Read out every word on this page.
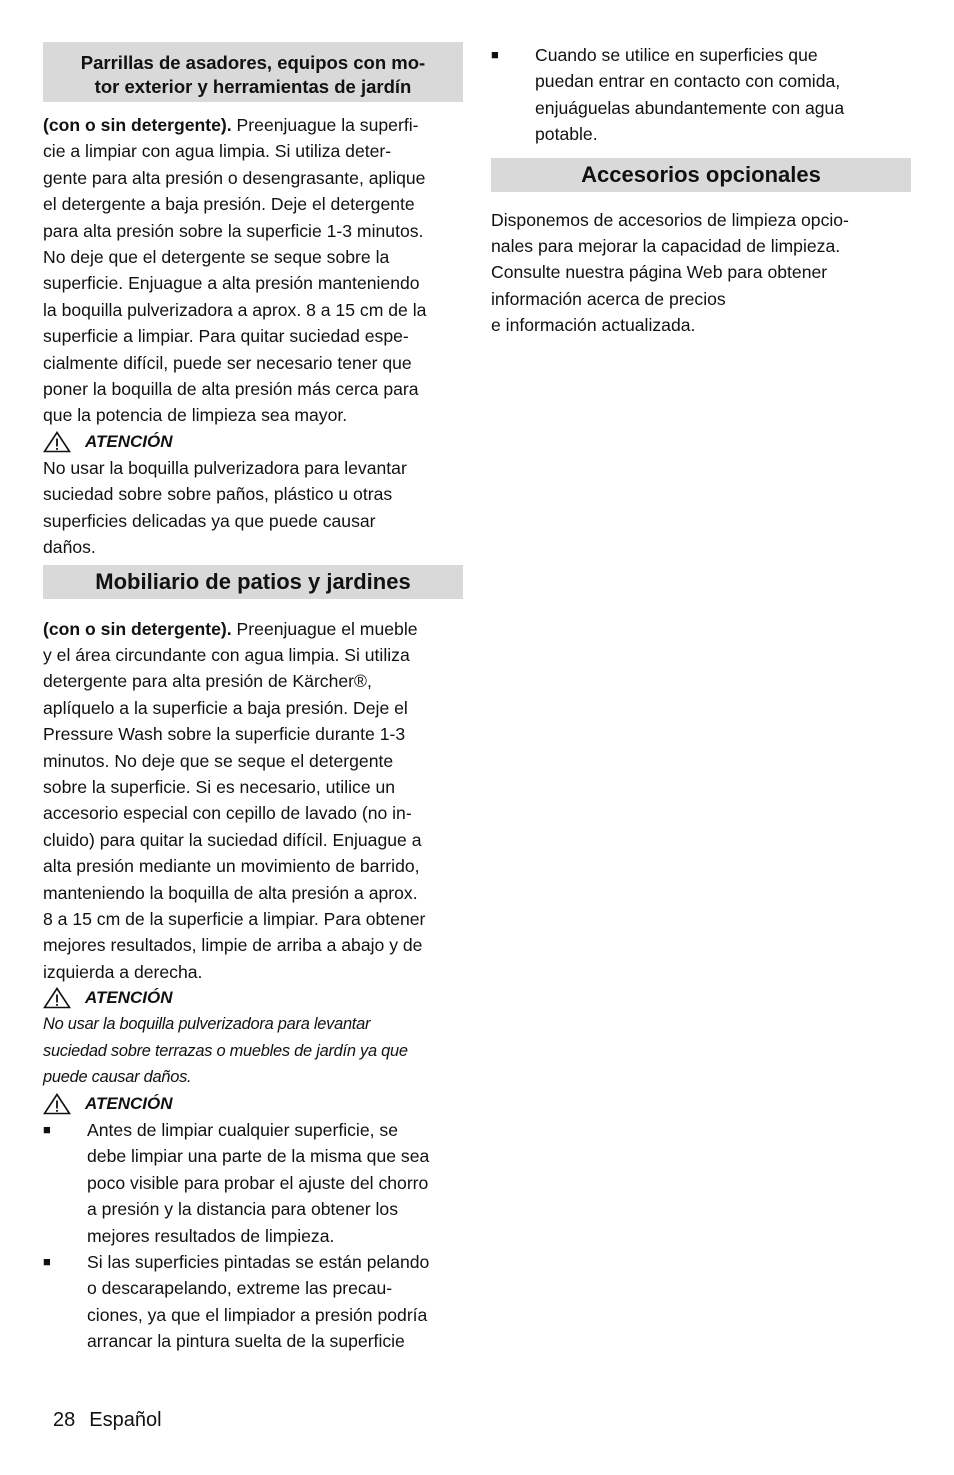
Parrillas de asadores, equipos con mo-
tor exterior y herramientas de jardín
(con o sin detergente). Preenjuague la superfi-
cie a limpiar con agua limpia. Si utiliza deter-
gente para alta presión o desengrasante, aplique
el detergente a baja presión. Deje el detergente
para alta presión sobre la superficie 1-3 minutos.
No deje que el detergente se seque sobre la
superficie. Enjuague a alta presión manteniendo
la boquilla pulverizadora a aprox. 8 a 15 cm de la
superficie a limpiar. Para quitar suciedad espe-
cialmente difícil, puede ser necesario tener que
poner la boquilla de alta presión más cerca para
que la potencia de limpieza sea mayor.
ATENCIÓN
No usar la boquilla pulverizadora para levantar
suciedad sobre sobre paños, plástico u otras
superficies delicadas ya que puede causar
daños.
Mobiliario de patios y jardines
(con o sin detergente). Preenjuague el mueble
y el área circundante con agua limpia. Si utiliza
detergente para alta presión de Kärcher®,
aplíquelo a la superficie a baja presión. Deje el
Pressure Wash sobre la superficie durante 1-3
minutos. No deje que se seque el detergente
sobre la superficie. Si es necesario, utilice un
accesorio especial con cepillo de lavado (no in-
cluido) para quitar la suciedad difícil. Enjuague a
alta presión mediante un movimiento de barrido,
manteniendo la boquilla de alta presión a aprox.
8 a 15 cm de la superficie a limpiar. Para obtener
mejores resultados, limpie de arriba a abajo y de
izquierda a derecha.
ATENCIÓN
No usar la boquilla pulverizadora para levantar
suciedad sobre terrazas o muebles de jardín ya que
puede causar daños.
ATENCIÓN
■	Antes de limpiar cualquier superficie, se
debe limpiar una parte de la misma que sea
poco visible para probar el ajuste del chorro
a presión y la distancia para obtener los
mejores resultados de limpieza.
■	Si las superficies pintadas se están pelando
o descarapelando, extreme las precau-
ciones, ya que el limpiador a presión podría
arrancar la pintura suelta de la superficie
■	Cuando se utilice en superficies que
puedan entrar en contacto con comida,
enjuáguelas abundantemente con agua
potable.
Accesorios opcionales
Disponemos de accesorios de limpieza opcio-
nales para mejorar la capacidad de limpieza.
Consulte nuestra página Web para obtener
información acerca de precios
e información actualizada.
28 Español
